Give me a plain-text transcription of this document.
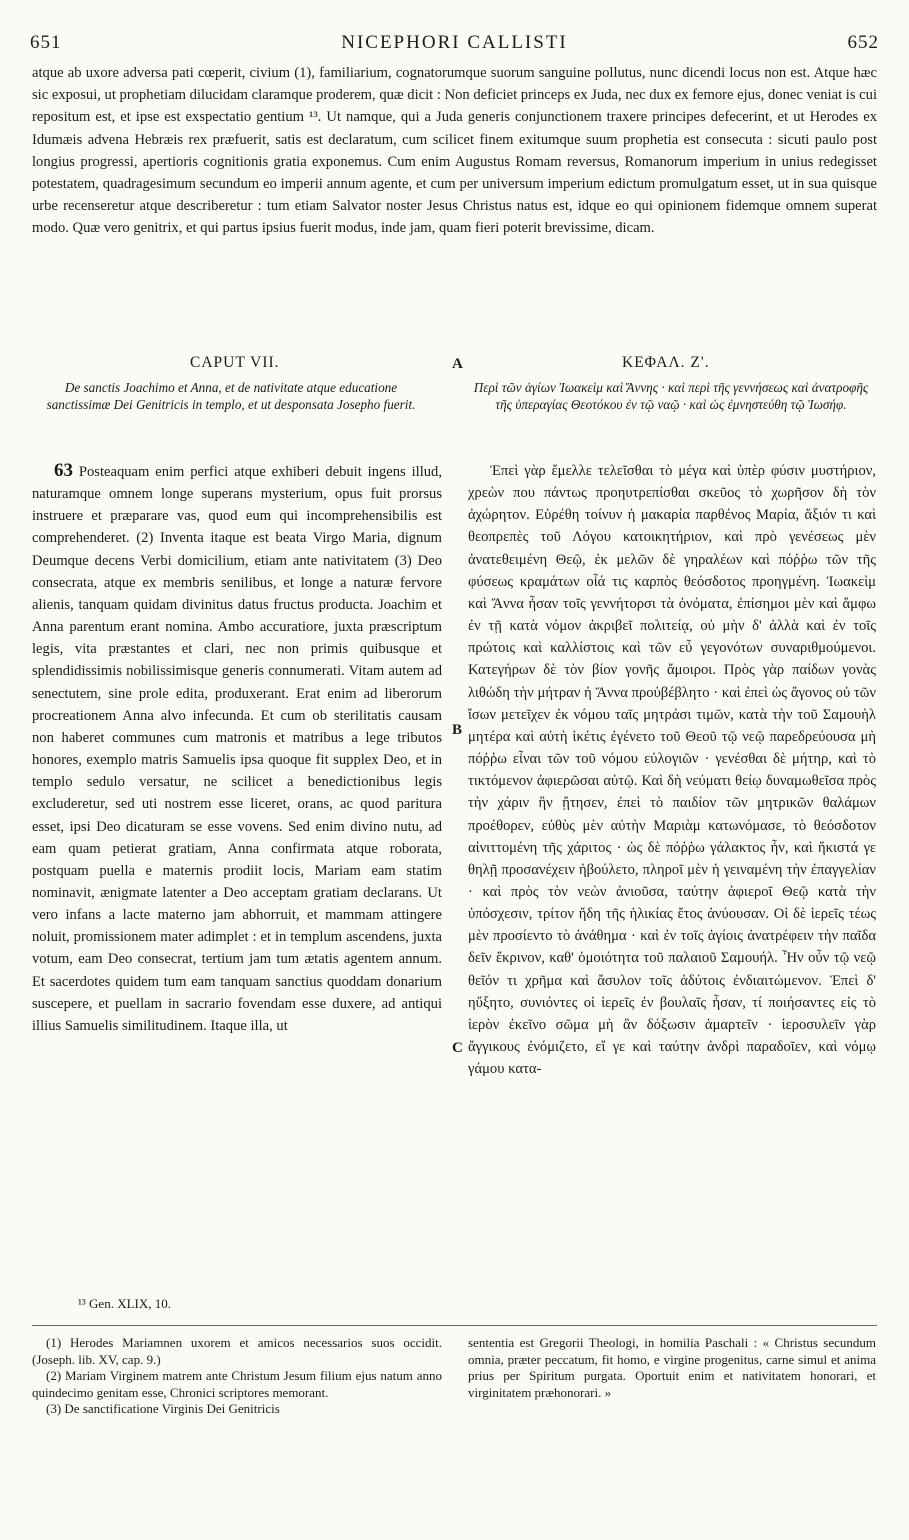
651	NICEPHORI CALLISTI	652

atque ab uxore adversa pati cœperit, civium (1), familiarium, cognatorumque suorum sanguine pollutus, nunc dicendi locus non est. Atque hæc sic exposui, ut prophetiam dilucidam claramque proderem, quæ dicit : Non deficiet princeps ex Juda, nec dux ex femore ejus, donec veniat is cui repositum est, et ipse est exspectatio gentium ¹³. Ut namque, qui a Juda generis conjunctionem traxere principes defecerint, et ut Herodes ex Idumæis advena Hebræis rex præfuerit, satis est declaratum, cum scilicet finem exitumque suum prophetia est consecuta : sicuti paulo post longius progressi, apertioris cognitionis gratia exponemus. Cum enim Augustus Romam reversus, Romanorum imperium in unius redegisset potestatem, quadragesimum secundum eo imperii annum agente, et cum per universum imperium edictum promulgatum esset, ut in sua quisque urbe recenseretur atque describeretur : tum etiam Salvator noster Jesus Christus natus est, idque eo qui opinionem fidemque omnem superat modo. Quæ vero genitrix, et qui partus ipsius fuerit modus, inde jam, quam fieri poterit brevissime, dicam.

CAPUT VII.
De sanctis Joachimo et Anna, et de nativitate atque educatione sanctissimæ Dei Genitricis in templo, et ut desponsata Josepho fuerit.

63 Posteaquam enim perfici atque exhiberi debuit ingens illud, naturamque omnem longe superans mysterium, opus fuit prorsus instruere et præparare vas, quod eum qui incomprehensibilis est comprehenderet. (2) Inventa itaque est beata Virgo Maria, dignum Deumque decens Verbi domicilium, etiam ante nativitatem (3) Deo consecrata, atque ex membris senilibus, et longe a naturæ fervore alienis, tanquam quidam divinitus datus fructus producta. Joachim et Anna parentum erant nomina. Ambo accuratiore, juxta præscriptum legis, vita præstantes et clari, nec non primis quibusque et splendidissimis nobilissimisque generis connumerati. Vitam autem ad senectutem, sine prole edita, produxerant. Erat enim ad liberorum procreationem Anna alvo infecunda. Et cum ob sterilitatis causam non haberet communes cum matronis et matribus a lege tributos honores, exemplo matris Samuelis ipsa quoque fit supplex Deo, et in templo sedulo versatur, ne scilicet a benedictionibus legis excluderetur, sed uti nostrem esse liceret, orans, ac quod paritura esset, ipsi Deo dicaturam se esse vovens. Sed enim divino nutu, ad eam quam petierat gratiam, Anna confirmata atque roborata, postquam puella e maternis prodiit locis, Mariam eam statim nominavit, ænigmate latenter a Deo acceptam gratiam declarans. Ut vero infans a lacte materno jam abhorruit, et mammam attingere noluit, promissionem mater adimplet : et in templum ascendens, juxta votum, eam Deo consecrat, tertium jam tum ætatis agentem annum. Et sacerdotes quidem tum eam tanquam sanctius quoddam donarium suscepere, et puellam in sacrario fovendam esse duxere, ad antiqui illius Samuelis similitudinem. Itaque illa, ut

ΚΕΦΑΛ. Ζ'.
Περὶ τῶν ἁγίων Ἰωακεὶμ καὶ Ἄννης · καὶ περὶ τῆς γεννήσεως καὶ ἀνατροφῆς τῆς ὑπεραγίας Θεοτόκου ἐν τῷ ναῷ · καὶ ὡς ἐμνηστεύθη τῷ Ἰωσήφ.

Ἐπεὶ γὰρ ἔμελλε τελεῖσθαι τὸ μέγα καὶ ὑπὲρ φύσιν μυστήριον, χρεὼν που πάντως προηυτρεπίσθαι σκεῦος τὸ χωρῆσον δὴ τὸν ἀχώρητον. Εὑρέθη τοίνυν ἡ μακαρία παρθένος Μαρία, ἄξιόν τι καὶ θεοπρεπὲς τοῦ Λόγου κατοικητήριον, καὶ πρὸ γενέσεως μὲν ἀνατεθειμένη Θεῷ, ἐκ μελῶν δὲ γηραλέων καὶ πόῤῥω τῶν τῆς φύσεως κραμάτων οἷά τις καρπὸς θεόσδοτος προηγμένη. Ἰωακεὶμ καὶ Ἄννα ἦσαν τοῖς γεννήτορσι τὰ ὀνόματα, ἐπίσημοι μὲν καὶ ἄμφω ἐν τῇ κατὰ νόμον ἀκριβεῖ πολιτείᾳ, οὐ μὴν δ' ἀλλὰ καὶ ἐν τοῖς πρώτοις καὶ καλλίστοις καὶ τῶν εὖ γεγονότων συναριθμούμενοι. Κατεγήρων δὲ τὸν βίον γονῆς ἄμοιροι. Πρὸς γὰρ παίδων γονὰς λιθώδη τὴν μήτραν ἡ Ἄννα προὐβέβλητο · καὶ ἐπεὶ ὡς ἄγονος οὐ τῶν ἴσων μετεῖχεν ἐκ νόμου ταῖς μητράσι τιμῶν, κατὰ τὴν τοῦ Σαμουὴλ μητέρα καὶ αὐτὴ ἱκέτις ἐγένετο τοῦ Θεοῦ τῷ νεῷ παρεδρεύουσα μὴ πόῤῥω εἶναι τῶν τοῦ νόμου εὐλογιῶν · γενέσθαι δὲ μήτηρ, καὶ τὸ τικτόμενον ἀφιερῶσαι αὐτῷ. Καὶ δὴ νεύματι θείῳ δυναμωθεῖσα πρὸς τὴν χάριν ἣν ᾔτησεν, ἐπεὶ τὸ παιδίον τῶν μητρικῶν θαλάμων προέθορεν, εὐθὺς μὲν αὐτὴν Μαριὰμ κατωνόμασε, τὸ θεόσδοτον αἰνιττομένη τῆς χάριτος · ὡς δὲ πόῤῥω γάλακτος ἦν, καὶ ἥκιστά γε θηλῇ προσανέχειν ἠβούλετο, πληροῖ μὲν ἡ γειναμένη τὴν ἐπαγγελίαν · καὶ πρὸς τὸν νεὼν ἀνιοῦσα, ταύτην ἀφιεροῖ Θεῷ κατὰ τὴν ὑπόσχεσιν, τρίτον ἤδη τῆς ἡλικίας ἔτος ἀνύουσαν. Οἱ δὲ ἱερεῖς τέως μὲν προσίεντο τὸ ἀνάθημα · καὶ ἐν τοῖς ἁγίοις ἀνατρέφειν τὴν παῖδα δεῖν ἔκρινον, καθ' ὁμοιότητα τοῦ παλαιοῦ Σαμουήλ. Ἦν οὖν τῷ νεῷ θεῖόν τι χρῆμα καὶ ἄσυλον τοῖς ἀδύτοις ἐνδιαιτώμενον. Ἐπεὶ δ' ηὔξητο, συνιόντες οἱ ἱερεῖς ἐν βουλαῖς ἦσαν, τί ποιήσαντες εἰς τὸ ἱερὸν ἐκεῖνο σῶμα μὴ ἂν δόξωσιν ἁμαρτεῖν · ἱεροσυλεῖν γὰρ ἄγγικους ἐνόμιζετο, εἴ γε καὶ ταύτην ἀνδρὶ παραδοῖεν, καὶ νόμῳ γάμου κατα-

A
B
C
¹³ Gen. XLIX, 10.

(1) Herodes Mariamnen uxorem et amicos necessarios suos occidit. (Joseph. lib. XV, cap. 9.)

(2) Mariam Virginem matrem ante Christum Jesum filium ejus natum anno quindecimo genitam esse, Chronici scriptores memorant.

(3) De sanctificatione Virginis Dei Genitricis

sententia est Gregorii Theologi, in homilia Paschali : « Christus secundum omnia, præter peccatum, fit homo, e virgine progenitus, carne simul et anima prius per Spiritum purgata. Oportuit enim et nativitatem honorari, et virginitatem præhonorari. »
